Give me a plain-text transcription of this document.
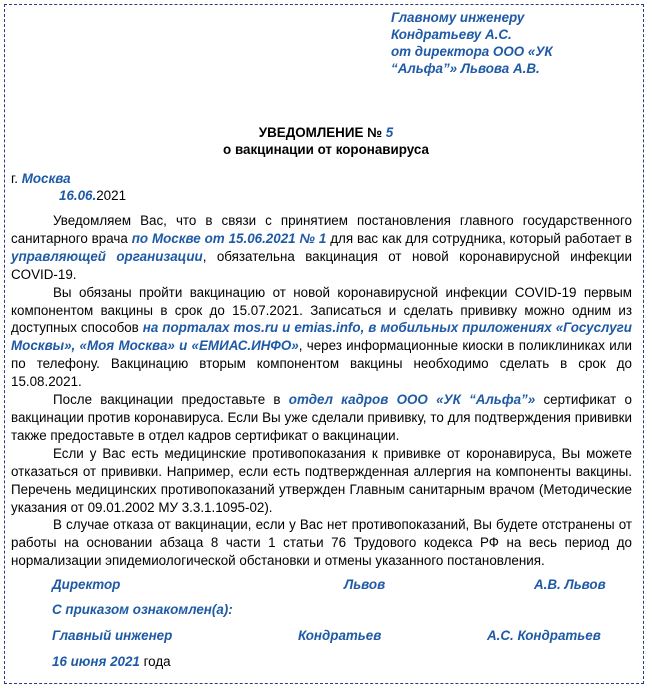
Главному инженеру
Кондратьеву А.С.
от директора ООО «УК
“Альфа”» Львова А.В.
УВЕДОМЛЕНИЕ № 5
о вакцинации от коронавируса
г. Москва
16.06.2021

Уведомляем Вас, что в связи с принятием постановления главного государственного санитарного врача по Москве от 15.06.2021 № 1 для вас как для сотрудника, который работает в управляющей организации, обязательна вакцинация от новой коронавирусной инфекции COVID-19.

Вы обязаны пройти вакцинацию от новой коронавирусной инфекции COVID-19 первым компонентом вакцины в срок до 15.07.2021. Записаться и сделать прививку можно одним из доступных способов на порталах mos.ru и emias.info, в мобильных приложениях «Госуслуги Москвы», «Моя Москва» и «ЕМИАС.ИНФО», через информационные киоски в поликлиниках или по телефону. Вакцинацию вторым компонентом вакцины необходимо сделать в срок до 15.08.2021.

После вакцинации предоставьте в отдел кадров ООО «УК “Альфа”» сертификат о вакцинации против коронавируса. Если Вы уже сделали прививку, то для подтверждения прививки также предоставьте в отдел кадров сертификат о вакцинации.

Если у Вас есть медицинские противопоказания к прививке от коронавируса, Вы можете отказаться от прививки. Например, если есть подтвержденная аллергия на компоненты вакцины. Перечень медицинских противопоказаний утвержден Главным санитарным врачом (Методические указания от 09.01.2002 МУ 3.3.1.1095-02).

В случае отказа от вакцинации, если у Вас нет противопоказаний, Вы будете отстранены от работы на основании абзаца 8 части 1 статьи 76 Трудового кодекса РФ на весь период до нормализации эпидемиологической обстановки и отмены указанного постановления.

Директор	Львов	А.В. Львов
С приказом ознакомлен(а):
Главный инженер	Кондратьев	А.С. Кондратьев
16 июня 2021 года
